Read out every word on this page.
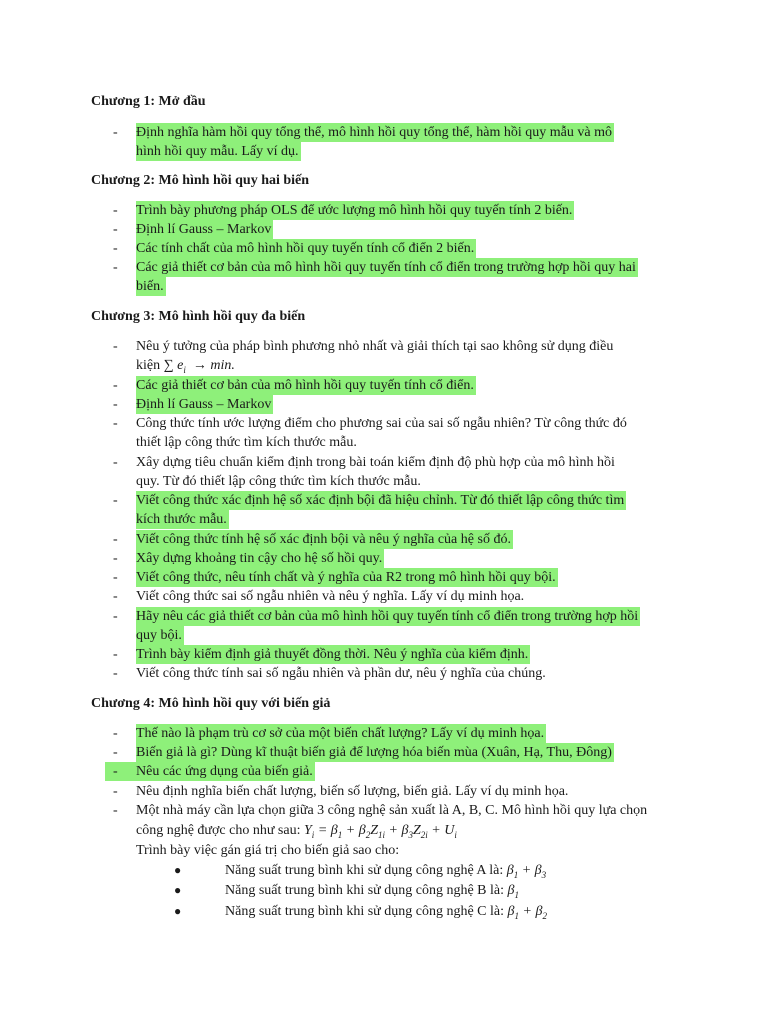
Chương 1: Mở đầu
- Định nghĩa hàm hồi quy tổng thể, mô hình hồi quy tổng thể, hàm hồi quy mẫu và mô
hình hồi quy mẫu. Lấy ví dụ.
Chương 2: Mô hình hồi quy hai biến
- Trình bày phương pháp OLS để ước lượng mô hình hồi quy tuyến tính 2 biến.
- Định lí Gauss – Markov
- Các tính chất của mô hình hồi quy tuyến tính cổ điển 2 biến.
- Các giả thiết cơ bản của mô hình hồi quy tuyến tính cổ điển trong trường hợp hồi quy hai
biến.
Chương 3: Mô hình hồi quy đa biến
- Nêu ý tưởng của pháp bình phương nhỏ nhất và giải thích tại sao không sử dụng điều
kiện ∑ $e_i \to \min$.
- Các giả thiết cơ bản của mô hình hồi quy tuyến tính cổ điển.
- Định lí Gauss – Markov
- Công thức tính ước lượng điểm cho phương sai của sai số ngẫu nhiên? Từ công thức đó
thiết lập công thức tìm kích thước mẫu.
- Xây dựng tiêu chuẩn kiểm định trong bài toán kiểm định độ phù hợp của mô hình hồi
quy. Từ đó thiết lập công thức tìm kích thước mẫu.
- Viết công thức xác định hệ số xác định bội đã hiệu chỉnh. Từ đó thiết lập công thức tìm
kích thước mẫu.
- Viết công thức tính hệ số xác định bội và nêu ý nghĩa của hệ số đó.
- Xây dựng khoảng tin cậy cho hệ số hồi quy.
- Viết công thức, nêu tính chất và ý nghĩa của R2 trong mô hình hồi quy bội.
- Viết công thức sai số ngẫu nhiên và nêu ý nghĩa. Lấy ví dụ minh họa.
- Hãy nêu các giả thiết cơ bản của mô hình hồi quy tuyến tính cổ điển trong trường hợp hồi
quy bội.
- Trình bày kiểm định giả thuyết đồng thời. Nêu ý nghĩa của kiểm định.
- Viết công thức tính sai số ngẫu nhiên và phần dư, nêu ý nghĩa của chúng.
Chương 4: Mô hình hồi quy với biến giả
- Thế nào là phạm trù cơ sở của một biến chất lượng? Lấy ví dụ minh họa.
- Biến giả là gì? Dùng kĩ thuật biến giả để lượng hóa biến mùa (Xuân, Hạ, Thu, Đông)
- Nêu các ứng dụng của biến giả.
- Nêu định nghĩa biến chất lượng, biến số lượng, biến giả. Lấy ví dụ minh họa.
- Một nhà máy cần lựa chọn giữa 3 công nghệ sản xuất là A, B, C. Mô hình hồi quy lựa chọn
công nghệ được cho như sau: $Y_i = \beta_1 + \beta_2Z_{1i} + \beta_3Z_{2i} + U_i$
Trình bày việc gán giá trị cho biến giả sao cho:
●	Năng suất trung bình khi sử dụng công nghệ A là: $\beta_1 + \beta_3$
●	Năng suất trung bình khi sử dụng công nghệ B là: $\beta_1$
●	Năng suất trung bình khi sử dụng công nghệ C là: $\beta_1 + \beta_2$
